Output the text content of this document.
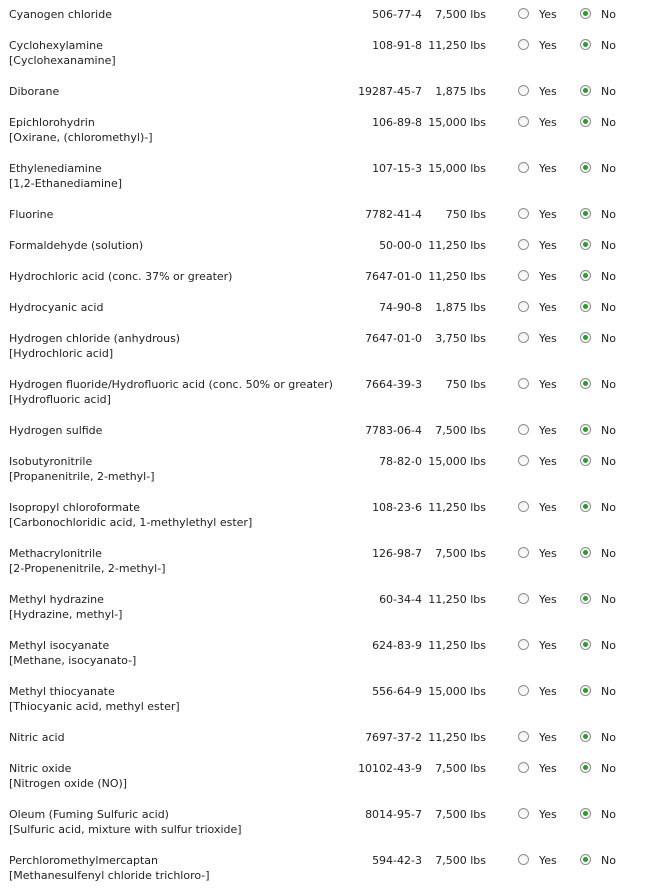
Cyanogen chloride	506-77-4 7,500 lbs	Yes	No
Cyclohexylamine
[Cyclohexanamine]
108-91-8 11,250 lbs	Yes	No
Diborane	19287-45-7 1,875 lbs	Yes	No
Epichlorohydrin
[Oxirane, (chloromethyl)-]
106-89-8 15,000 lbs	Yes	No
Ethylenediamine
[1,2-Ethanediamine]
107-15-3 15,000 lbs	Yes	No
Fluorine	7782-41-4 750 lbs	Yes	No
Formaldehyde (solution)	50-00-0 11,250 lbs	Yes	No
Hydrochloric acid (conc. 37% or greater)	7647-01-0 11,250 lbs	Yes	No
Hydrocyanic acid	74-90-8 1,875 lbs	Yes	No
Hydrogen chloride (anhydrous)
[Hydrochloric acid]
7647-01-0 3,750 lbs	Yes	No
Hydrogen fluoride/Hydrofluoric acid (conc. 50% or greater)
[Hydrofluoric acid]
7664-39-3 750 lbs	Yes	No
Hydrogen sulfide	7783-06-4 7,500 lbs	Yes	No
Isobutyronitrile
[Propanenitrile, 2-methyl-]
78-82-0 15,000 lbs	Yes	No
Isopropyl chloroformate
[Carbonochloridic acid, 1-methylethyl ester]
108-23-6 11,250 lbs	Yes	No
Methacrylonitrile
[2-Propenenitrile, 2-methyl-]
126-98-7 7,500 lbs	Yes	No
Methyl hydrazine
[Hydrazine, methyl-]
60-34-4 11,250 lbs	Yes	No
Methyl isocyanate
[Methane, isocyanato-]
624-83-9 11,250 lbs	Yes	No
Methyl thiocyanate
[Thiocyanic acid, methyl ester]
556-64-9 15,000 lbs	Yes	No
Nitric acid	7697-37-2 11,250 lbs	Yes	No
Nitric oxide
[Nitrogen oxide (NO)]
10102-43-9 7,500 lbs	Yes	No
Oleum (Fuming Sulfuric acid)
[Sulfuric acid, mixture with sulfur trioxide]
8014-95-7 7,500 lbs	Yes	No
Perchloromethylmercaptan
[Methanesulfenyl chloride trichloro-]
594-42-3 7,500 lbs	Yes	No
